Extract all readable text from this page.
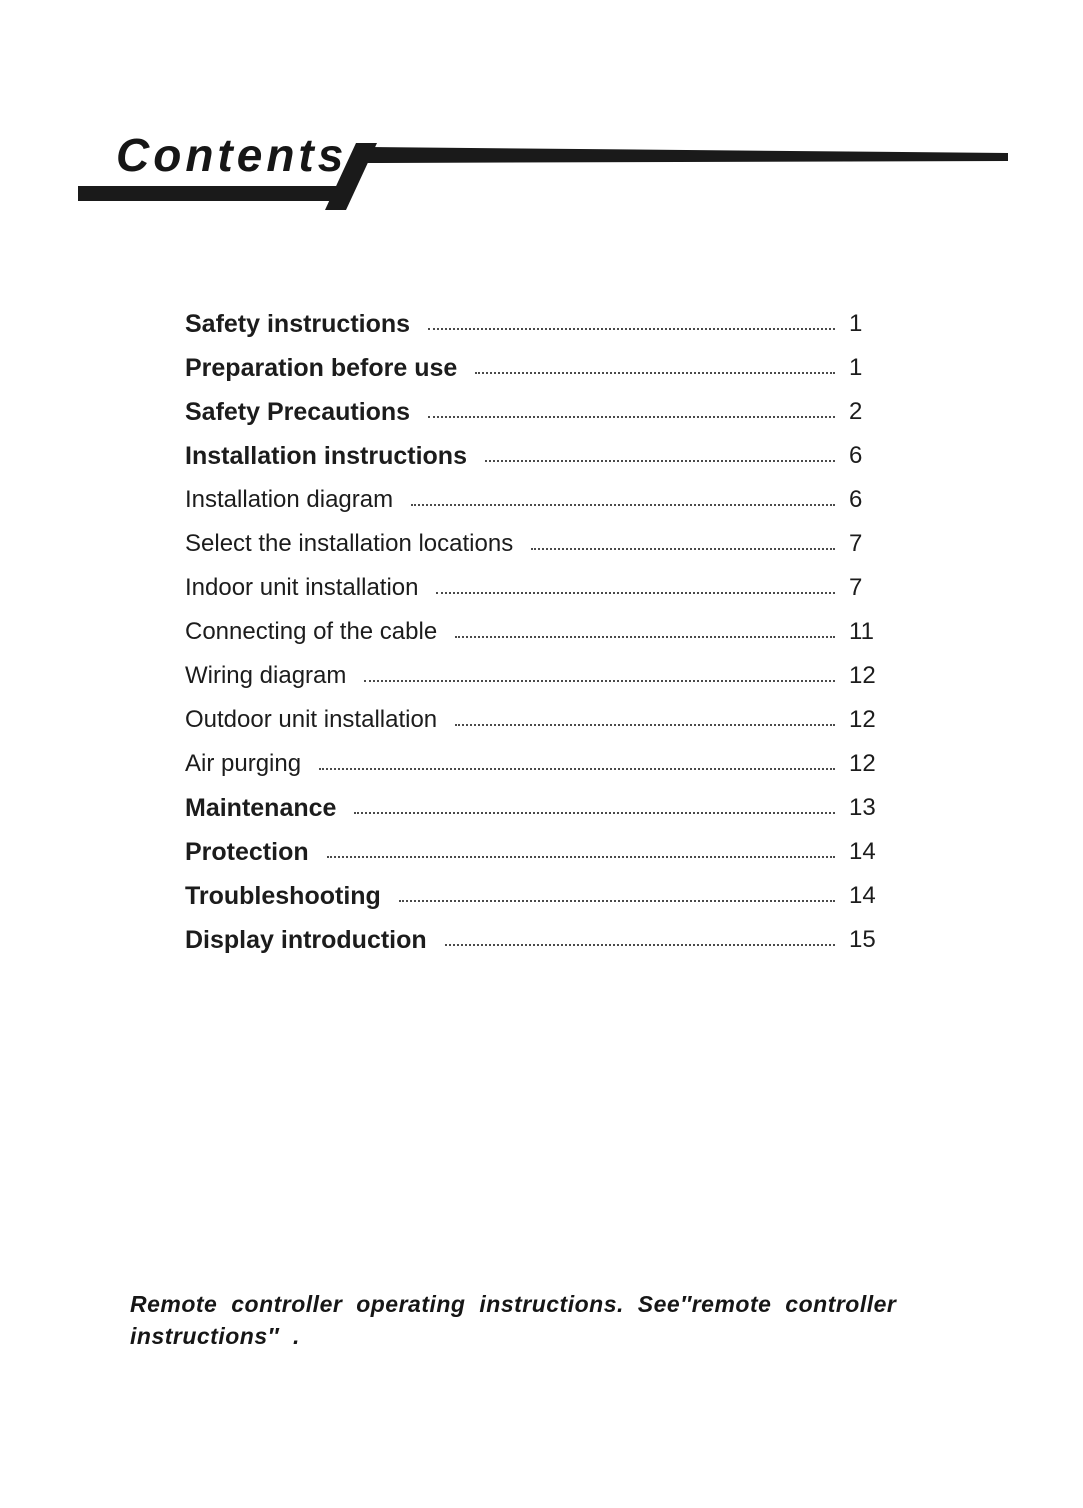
Contents
Safety instructions	1
Preparation before use	1
Safety Precautions	2
Installation instructions	6
Installation diagram	6
Select the installation locations	7
Indoor unit installation	7
Connecting of the cable	11
Wiring diagram	12
Outdoor unit installation	12
Air purging	12
Maintenance	13
Protection	14
Troubleshooting	14
Display introduction	15
Remote controller operating instructions. See″remote controller
instructions″ .
